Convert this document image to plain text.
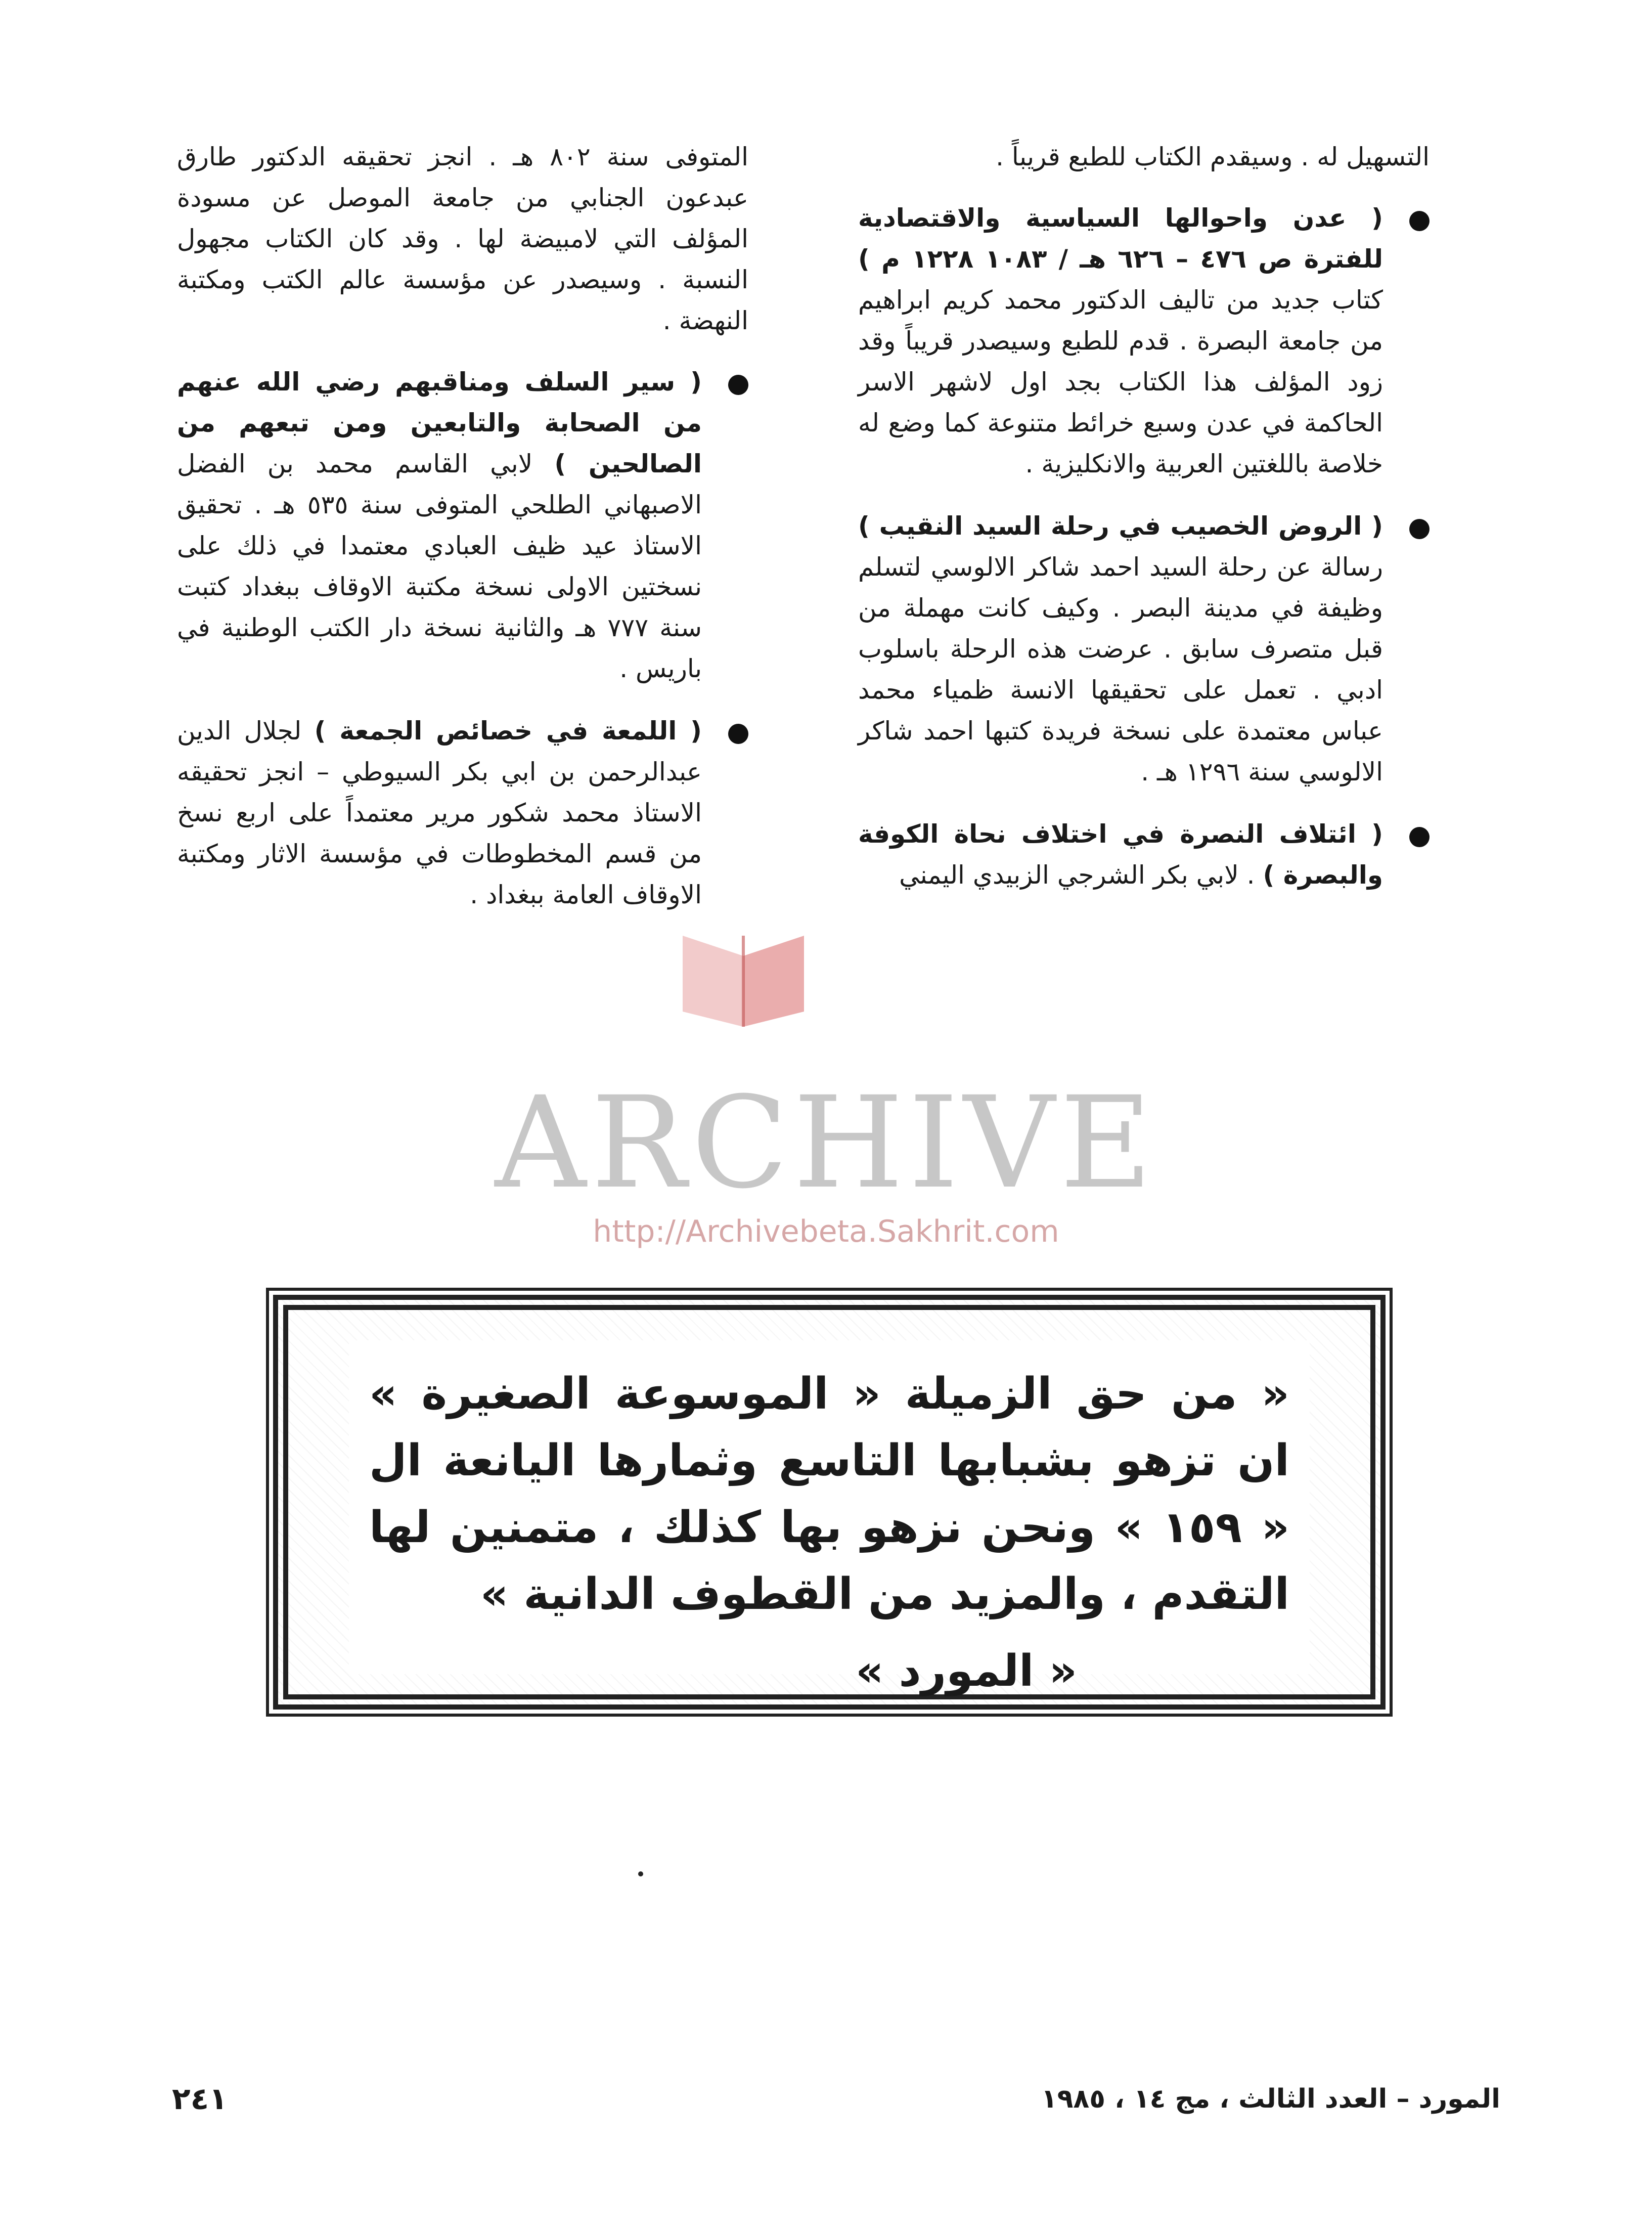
التسهيل له . وسيقدم الكتاب للطبع قريباً .

( عدن واحوالها السياسية والاقتصادية للفترة ص ٤٧٦ – ٦٢٦ هـ / ١٠٨٣ ١٢٢٨ م ) كتاب جديد من تاليف الدكتور محمد كريم ابراهيم من جامعة البصرة . قدم للطبع وسيصدر قريباً وقد زود المؤلف هذا الكتاب بجد اول لاشهر الاسر الحاكمة في عدن وسبع خرائط متنوعة كما وضع له خلاصة باللغتين العربية والانكليزية .
( الروض الخصيب في رحلة السيد النقيب ) رسالة عن رحلة السيد احمد شاكر الالوسي لتسلم وظيفة في مدينة البصر . وكيف كانت مهملة من قبل متصرف سابق . عرضت هذه الرحلة باسلوب ادبي . تعمل على تحقيقها الانسة ظمياء محمد عباس معتمدة على نسخة فريدة كتبها احمد شاكر الالوسي سنة ١٢٩٦ هـ .
( ائتلاف النصرة في اختلاف نحاة الكوفة والبصرة ) . لابي بكر الشرجي الزبيدي اليمني

المتوفى سنة ٨٠٢ هـ . انجز تحقيقه الدكتور طارق عبدعون الجنابي من جامعة الموصل عن مسودة المؤلف التي لامبيضة لها . وقد كان الكتاب مجهول النسبة . وسيصدر عن مؤسسة عالم الكتب ومكتبة النهضة .

( سير السلف ومناقبهم رضي الله عنهم من الصحابة والتابعين ومن تبعهم من الصالحين ) لابي القاسم محمد بن الفضل الاصبهاني الطلحي المتوفى سنة ٥٣٥ هـ . تحقيق الاستاذ عيد ظيف العبادي معتمدا في ذلك على نسختين الاولى نسخة مكتبة الاوقاف ببغداد كتبت سنة ٧٧٧ هـ والثانية نسخة دار الكتب الوطنية في باريس .
( اللمعة في خصائص الجمعة ) لجلال الدين عبدالرحمن بن ابي بكر السيوطي – انجز تحقيقه الاستاذ محمد شكور مرير معتمداً على اربع نسخ من قسم المخطوطات في مؤسسة الاثار ومكتبة الاوقاف العامة ببغداد .
ARCHIVE
http://Archivebeta.Sakhrit.com

« من حق الزميلة « الموسوعة الصغيرة » ان تزهو بشبابها التاسع وثمارها اليانعة ال « ١٥٩ » ونحن نزهو بها كذلك ، متمنين لها التقدم ، والمزيد من القطوف الدانية »

« المورد »
المورد – العدد الثالث ، مج ١٤ ، ١٩٨٥
٢٤١
